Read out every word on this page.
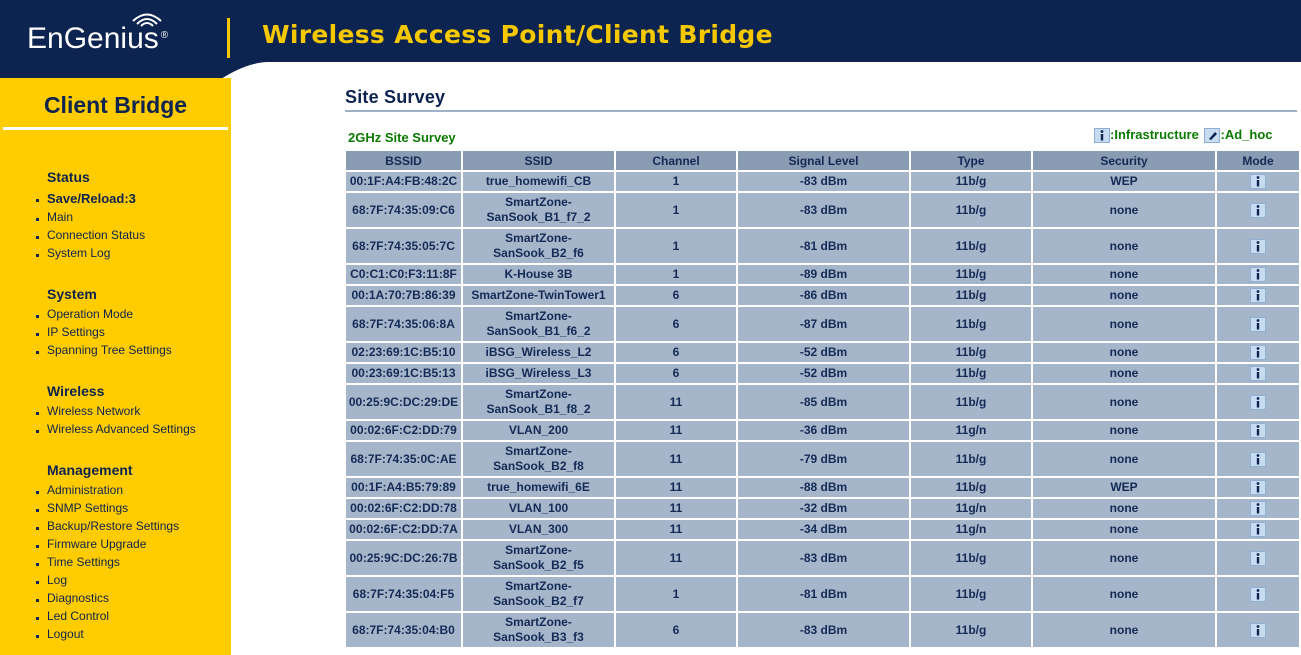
EnGenius ®	Wireless Access Point/Client Bridge
Client Bridge
Status
Save/Reload:3
Main
Connection Status
System Log
System
Operation Mode
IP Settings
Spanning Tree Settings
Wireless
Wireless Network
Wireless Advanced Settings
Management
Administration
SNMP Settings
Backup/Restore Settings
Firmware Upgrade
Time Settings
Log
Diagnostics
Led Control
Logout
Site Survey
2GHz Site Survey	:Infrastructure :Ad_hoc
BSSID	SSID	Channel	Signal Level	Type	Security	Mode
00:1F:A4:FB:48:2C	true_homewifi_CB	1	-83 dBm	11b/g	WEP	

68:7F:74:35:09:C6	SmartZone-
SanSook_B1_f7_2	1	-83 dBm	11b/g	none	

68:7F:74:35:05:7C	SmartZone-
SanSook_B2_f6	1	-81 dBm	11b/g	none	

C0:C1:C0:F3:11:8F	K-House 3B	1	-89 dBm	11b/g	none	

00:1A:70:7B:86:39	SmartZone-TwinTower1	6	-86 dBm	11b/g	none	

68:7F:74:35:06:8A	SmartZone-
SanSook_B1_f6_2	6	-87 dBm	11b/g	none	

02:23:69:1C:B5:10	iBSG_Wireless_L2	6	-52 dBm	11b/g	none	

00:23:69:1C:B5:13	iBSG_Wireless_L3	6	-52 dBm	11b/g	none	

00:25:9C:DC:29:DE	SmartZone-
SanSook_B1_f8_2	11	-85 dBm	11b/g	none	

00:02:6F:C2:DD:79	VLAN_200	11	-36 dBm	11g/n	none	

68:7F:74:35:0C:AE	SmartZone-
SanSook_B2_f8	11	-79 dBm	11b/g	none	

00:1F:A4:B5:79:89	true_homewifi_6E	11	-88 dBm	11b/g	WEP	

00:02:6F:C2:DD:78	VLAN_100	11	-32 dBm	11g/n	none	

00:02:6F:C2:DD:7A	VLAN_300	11	-34 dBm	11g/n	none	

00:25:9C:DC:26:7B	SmartZone-
SanSook_B2_f5	11	-83 dBm	11b/g	none	

68:7F:74:35:04:F5	SmartZone-
SanSook_B2_f7	1	-81 dBm	11b/g	none	

68:7F:74:35:04:B0	SmartZone-
SanSook_B3_f3	6	-83 dBm	11b/g	none	
